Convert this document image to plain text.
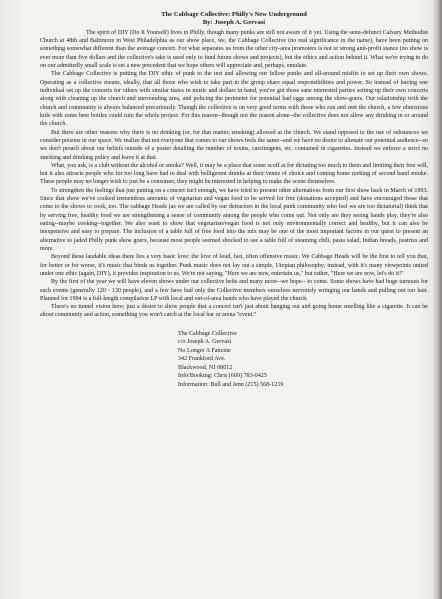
The Cabbage Collective: Philly's New Underground
By: Joseph A. Gervasi

The spirit of DIY (Do It Yourself) lives in Philly, though many punks are still not aware of it yet. Using the semi-defunct Calvary Methodist Church at 48th and Baltimore in West Philadelphia as our show place, we, the Cabbage Collective (no real significance in the name), have been putting on something somewhat different than the average concert. For what separates us from the other city-area promoters is not or strong anti-profit stance (no show is ever more than five dollars and the collective's take is used only to fund future shows and projects), but the ethics and action behind it. What we're trying to do on our admittedly small scale is set a new precedent that we hope others will appreciate and, perhaps, emulate.

The Cabbage Collective is putting the DIY ethic of punk to the test and allowing our fellow punks and all-around misfits to set up their own shows. Operating as a collective means, ideally, that all those who wish to take part in the group share equal responsibilities and power. So instead of having one individual set up the concerts for others with similar tastes in music and dollars in hand, you've got those sane interested parties setting up their own concerts along with cleaning up the church and surrounding area, and policing the perimeter for potential bad eggs among the show-goers. Our relationship with the church and community is always balanced precariously. Though the collective is on very good terms with those who run and rent the church, a few obnoxious kids with some beer bottles could ruin the whole project. For this reason--though not the reason alone--the collective does not allow any drinking in or around the church.

But there are other reasons why there is no drinking (or, for that matter, smoking) allowed at the church. We stand opposed to the use of substances we consider poisons in our space. We realize that not everyone that comes to our shows feels the same--and we have no desire to alienate our potential audience--so we don't preach about our beliefs outside of a poster detailing the number of toxins, carcinogens, etc. contained in cigarettes. Instead we enforce a strict no smoking and drinking policy and leave it at that.

What, you ask, is a club without the alcohol or smoke? Well, it may be a place that some scoff at for dictating too much to them and limiting their free will, but it also attracts people who for too long have had to deal with belligerent drunks at their venue of choice and coming home reeking of second hand smoke. These people may no longer wish to just be a consumer, they might be interested in helping to make the scene themselves.

To strengthen the feelings that just putting on a concert isn't enough, we have tried to present other alternatives from our first show back in March of 1993. Since that show we've cooked tremendous amounts of vegetarian and vegan food to be served for free (donations accepted) and have encouraged those that come to the shows to cook, too. The cabbage Heads (as we are called by our detractors in the local punk community who feel we are too dictatorial) think that by serving free, healthy food we are strengthening a sense of community among the people who come out. Not only are they seeing bands play, they're also eating--maybe cooking--together. We also want to show that vegetarian/vegan food is not only environmentally correct and healthy, but it can also be inexpensive and easy to prepare. The inclusion of a table full of free food into the mix may be one of the most important factors in our quest to present an alternative to jaded Philly punk show goers, because most people seemed shocked to see a table full of steaming chili, pasta salad, Indian breads, pastries and more.

Beyond these laudable ideas there lies a very basic love: the love of loud, fast, often offensive music. We Cabbage Heads will be the first to tell you that, for better or for worse, it's music that binds us together. Punk music does not lay out a simple, Utopian philosophy; instead, with it's many viewpoints united under one ethic (again, DIY), it provides inspiration to us. We're not saying, "Here we are now, entertain us," but rather, "Here we are now, let's do it!"

By the first of the year we will have eleven shows under our collective belts and many more--we hope-- to come. Some shows have had huge turnouts for such events (generally 120 - 130 people), and a few have had only the Collective members ourselves nervously wringing our hands and pulling out our hair. Planned for 1994 is a full-length compilation LP with local and out-of-area bands who have played the church.

There's no tunnel vision here; just a desire to show people that a concert isn't just about hanging out and going home smelling like a cigarette. It can be about community and action, something you won't catch at the local bar or arena "event."

The Cabbage Collective
c/o Joseph A. Gervasi
No Longer A Fanzine
342 Frankford Ave.
Blackwood, NJ 08012
Info/Booking: Chris (609) 783-0425
Information: Bull and Jenn (215) 568-1219
